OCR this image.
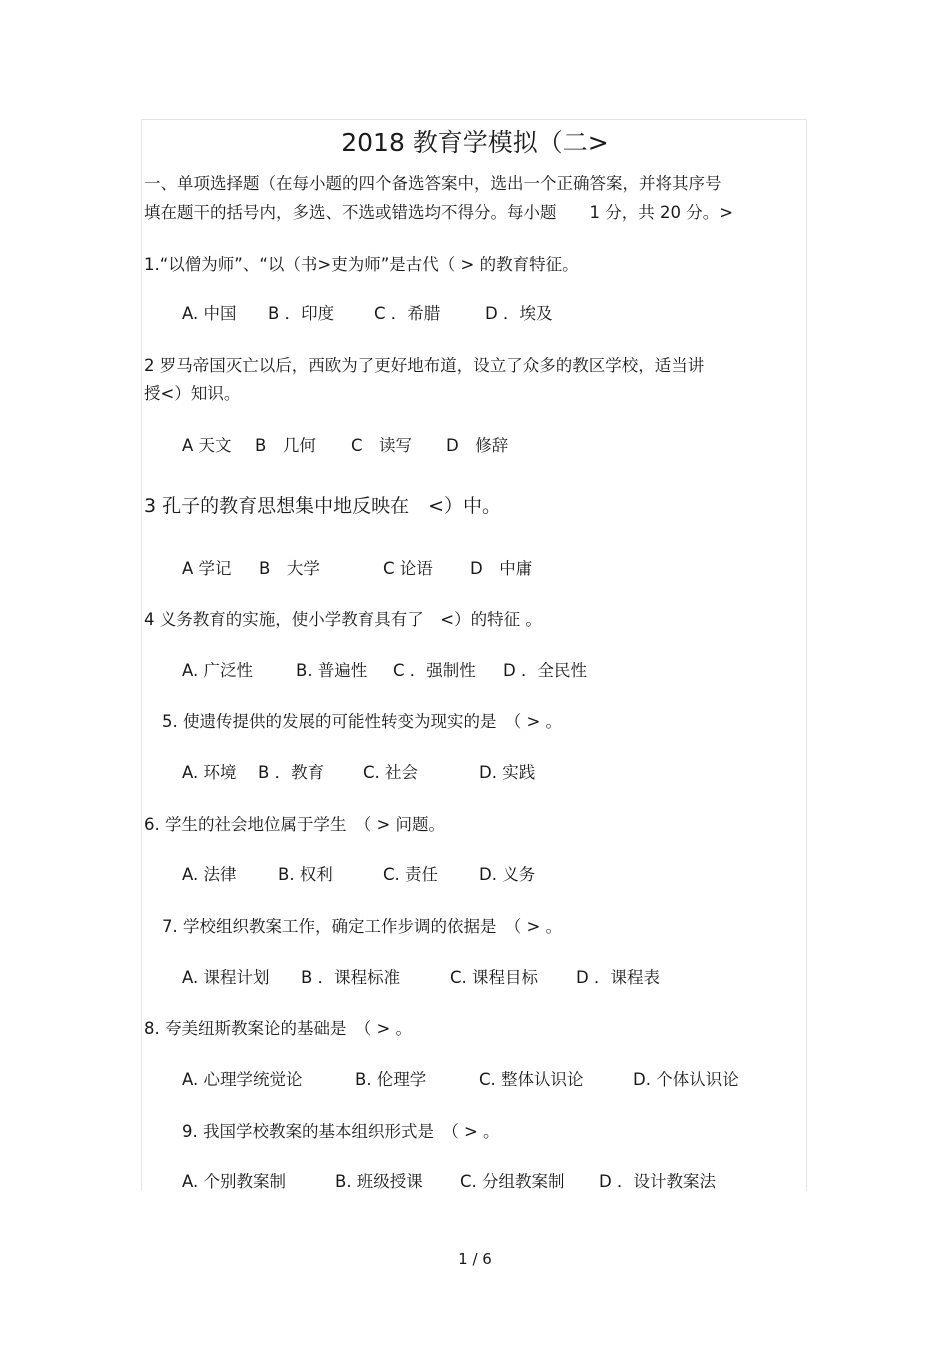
2018 教育学模拟（二>
一、单项选择题（在每小题的四个备选答案中，选出一个正确答案，并将其序号
填在题干的括号内，多选、不选或错选均不得分。每小题　　1 分，共 20 分。>
1.“以僧为师”、“以（书>吏为师”是古代（ > 的教育特征。
A. 中国 B ．印度 C ．希腊	D ．埃及
2 罗马帝国灭亡以后，西欧为了更好地布道，设立了众多的教区学校，适当讲
授<）知识。
A 天文 B　几何 C　读写 D　修辞
3 孔子的教育思想集中地反映在　<）中。
A 学记 B　大学	C 论语 D　中庸
4 义务教育的实施，使小学教育具有了　<）的特征 。
A. 广泛性	B. 普遍性 C ．强制性 D ．全民性
5. 使遗传提供的发展的可能性转变为现实的是　（ > 。
A. 环境 B ．教育 C. 社会	D. 实践
6. 学生的社会地位属于学生　（ > 问题。
A. 法律	B. 权利	C. 责任 D. 义务
7. 学校组织教案工作，确定工作步调的依据是　（ > 。
A. 课程计划 B ．课程标准	C. 课程目标 D ．课程表
8. 夸美纽斯教案论的基础是　（ > 。
A. 心理学统觉论	B. 伦理学	C. 整体认识论	D. 个体认识论
9. 我国学校教案的基本组织形式是　（ > 。
A. 个别教案制	B. 班级授课 C. 分组教案制 D ．设计教案法
1 / 6
